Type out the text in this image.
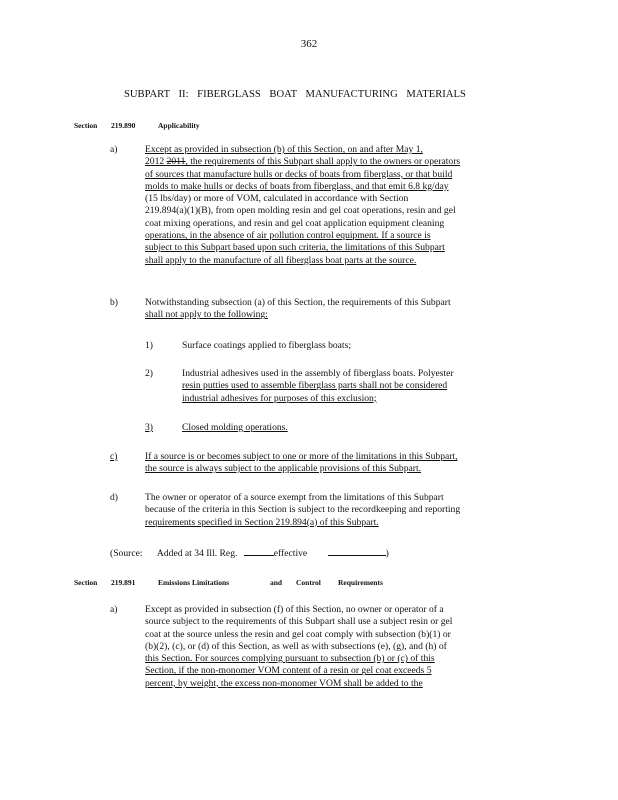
362
SUBPART II: FIBERGLASS BOAT MANUFACTURING MATERIALS
Section 219.890	Applicability
a)	Except as provided in subsection (b) of this Section, on and after May 1,
2012 2011, the requirements of this Subpart shall apply to the owners or operators
of sources that manufacture hulls or decks of boats from fiberglass, or that build
molds to make hulls or decks of boats from fiberglass, and that emit 6.8 kg/day
(15 lbs/day) or more of VOM, calculated in accordance with Section
219.894(a)(1)(B), from open molding resin and gel coat operations, resin and gel
coat mixing operations, and resin and gel coat application equipment cleaning
operations, in the absence of air pollution control equipment. If a source is
subject to this Subpart based upon such criteria, the limitations of this Subpart
shall apply to the manufacture of all fiberglass boat parts at the source.
b)	Notwithstanding subsection (a) of this Section, the requirements of this Subpart
shall not apply to the following:
1)	Surface coatings applied to fiberglass boats;
2)	Industrial adhesives used in the assembly of fiberglass boats. Polyester
resin putties used to assemble fiberglass parts shall not be considered
industrial adhesives for purposes of this exclusion;
3)	Closed molding operations.
c)	If a source is or becomes subject to one or more of the limitations in this Subpart,
the source is always subject to the applicable provisions of this Subpart.
d)	The owner or operator of a source exempt from the limitations of this Subpart
because of the criteria in this Section is subject to the recordkeeping and reporting
requirements specified in Section 219.894(a) of this Subpart.
(Source: Added at 34 Ill. Reg.	effective	)
Section 219.891	Emissions Limitations	and Control Requirements
a)	Except as provided in subsection (f) of this Section, no owner or operator of a
source subject to the requirements of this Subpart shall use a subject resin or gel
coat at the source unless the resin and gel coat comply with subsection (b)(1) or
(b)(2), (c), or (d) of this Section, as well as with subsections (e), (g), and (h) of
this Section. For sources complying pursuant to subsection (b) or (c) of this
Section, if the non-monomer VOM content of a resin or gel coat exceeds 5
percent, by weight, the excess non-monomer VOM shall be added to the
